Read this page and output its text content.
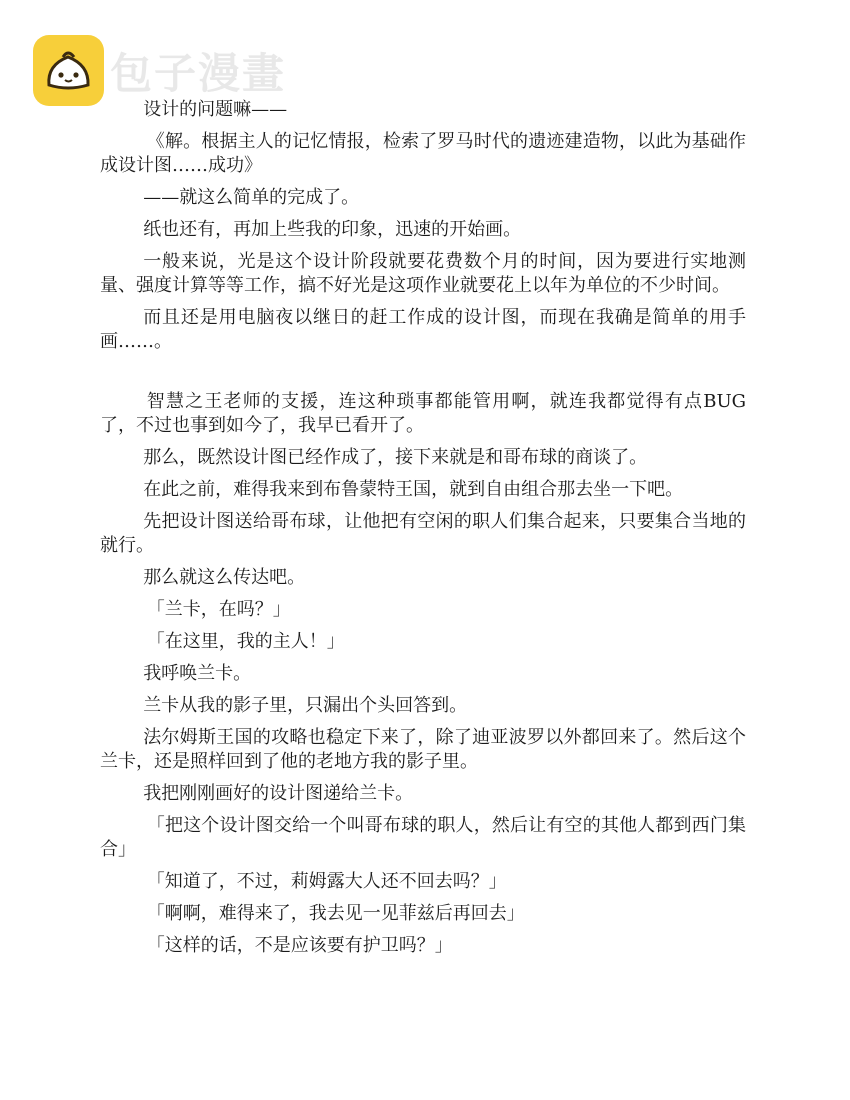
包子漫畫

设计的问题嘛——

《解。根据主人的记忆情报，检索了罗马时代的遗迹建造物，以此为基础作成设计图……成功》

——就这么简单的完成了。

纸也还有，再加上些我的印象，迅速的开始画。

一般来说，光是这个设计阶段就要花费数个月的时间，因为要进行实地测量、强度计算等等工作，搞不好光是这项作业就要花上以年为单位的不少时间。

而且还是用电脑夜以继日的赶工作成的设计图，而现在我确是简单的用手画……。

智慧之王老师的支援，连这种琐事都能管用啊，就连我都觉得有点BUG了，不过也事到如今了，我早已看开了。

那么，既然设计图已经作成了，接下来就是和哥布球的商谈了。

在此之前，难得我来到布鲁蒙特王国，就到自由组合那去坐一下吧。

先把设计图送给哥布球，让他把有空闲的职人们集合起来，只要集合当地的就行。

那么就这么传达吧。

「兰卡，在吗？」

「在这里，我的主人！」

我呼唤兰卡。

兰卡从我的影子里，只漏出个头回答到。

法尔姆斯王国的攻略也稳定下来了，除了迪亚波罗以外都回来了。然后这个兰卡，还是照样回到了他的老地方我的影子里。

我把刚刚画好的设计图递给兰卡。

「把这个设计图交给一个叫哥布球的职人，然后让有空的其他人都到西门集合」

「知道了，不过，莉姆露大人还不回去吗？」

「啊啊，难得来了，我去见一见菲兹后再回去」

「这样的话，不是应该要有护卫吗？」
